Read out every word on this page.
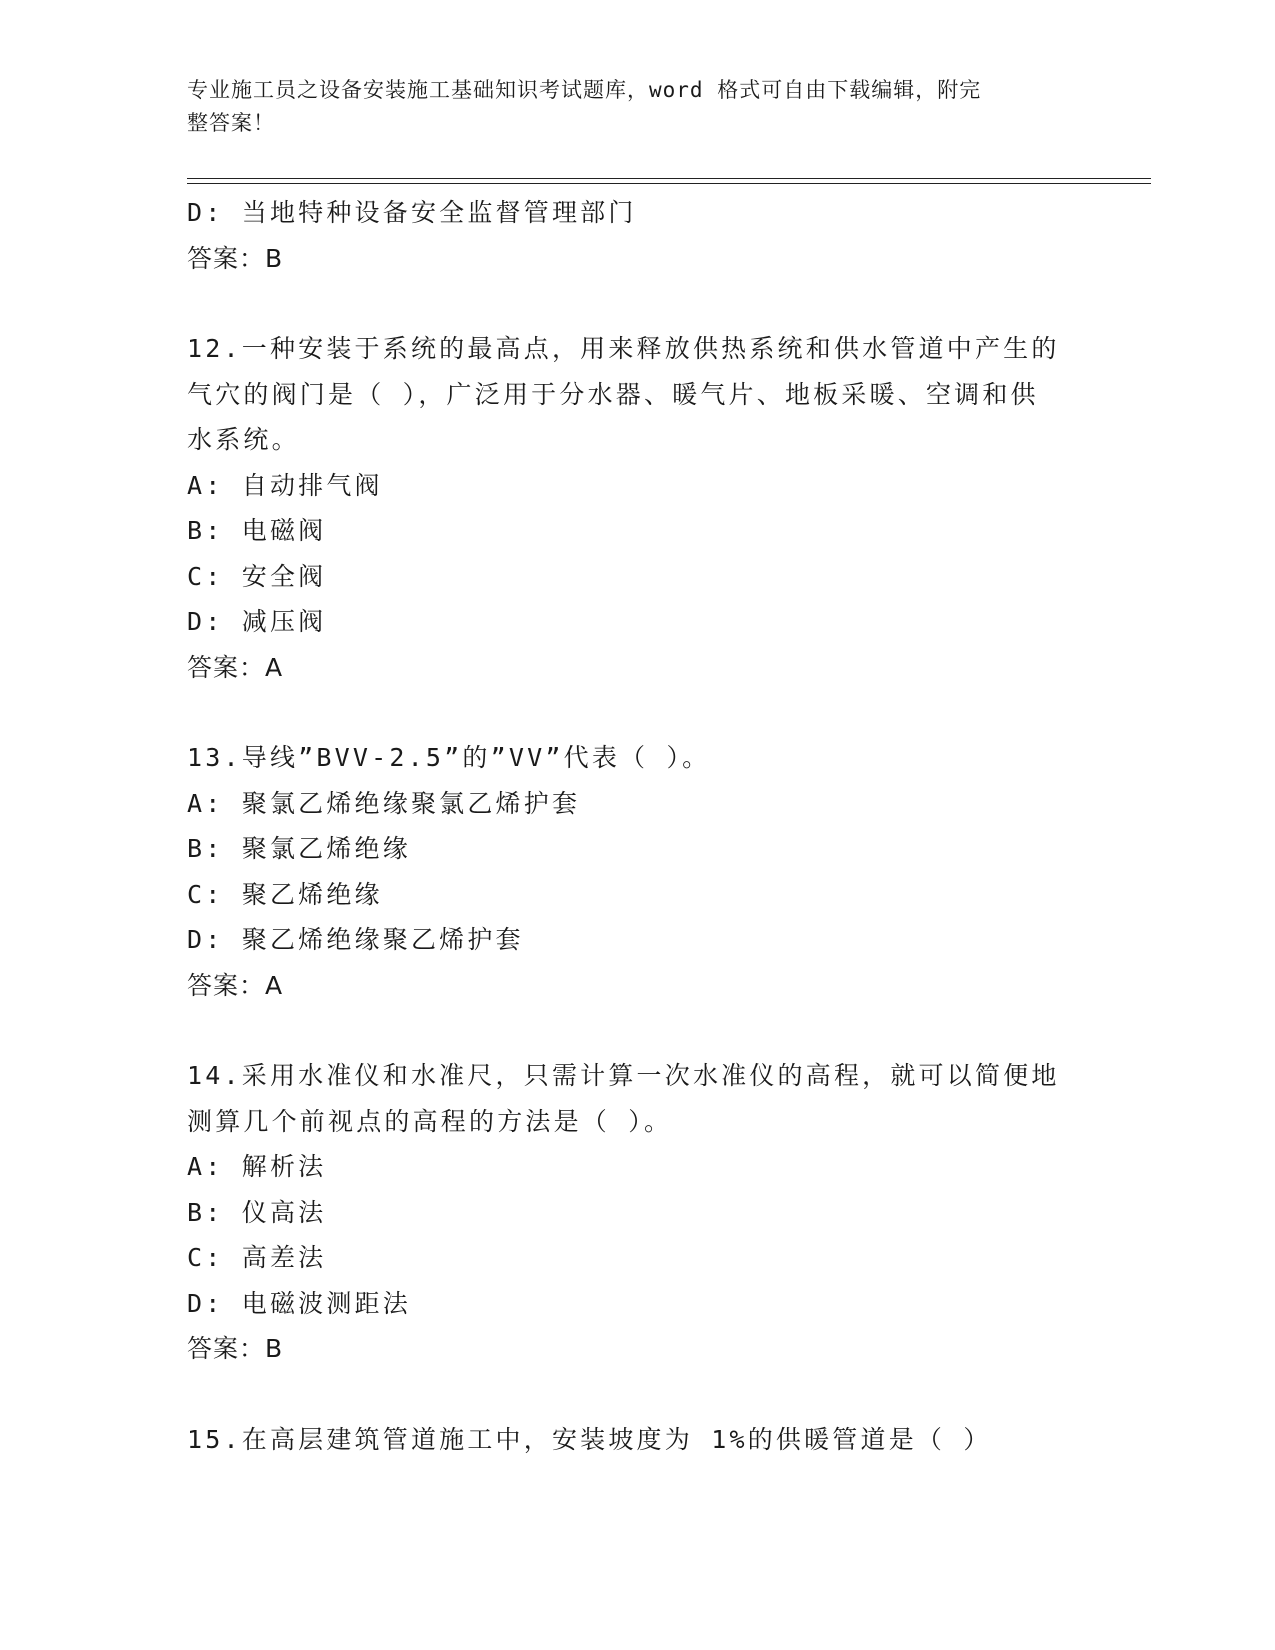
专业施工员之设备安装施工基础知识考试题库，word 格式可自由下载编辑，附完
整答案！
D: 当地特种设备安全监督管理部门
答案：B
12.一种安装于系统的最高点，用来释放供热系统和供水管道中产生的
气穴的阀门是（ ），广泛用于分水器、暖气片、地板采暖、空调和供
水系统。
A: 自动排气阀
B: 电磁阀
C: 安全阀
D: 减压阀
答案：A
13.导线”BVV-2.5”的”VV”代表（ ）。
A: 聚氯乙烯绝缘聚氯乙烯护套
B: 聚氯乙烯绝缘
C: 聚乙烯绝缘
D: 聚乙烯绝缘聚乙烯护套
答案：A
14.采用水准仪和水准尺，只需计算一次水准仪的高程，就可以简便地
测算几个前视点的高程的方法是（ ）。
A: 解析法
B: 仪高法
C: 高差法
D: 电磁波测距法
答案：B
15.在高层建筑管道施工中，安装坡度为 1%的供暖管道是（ ）
